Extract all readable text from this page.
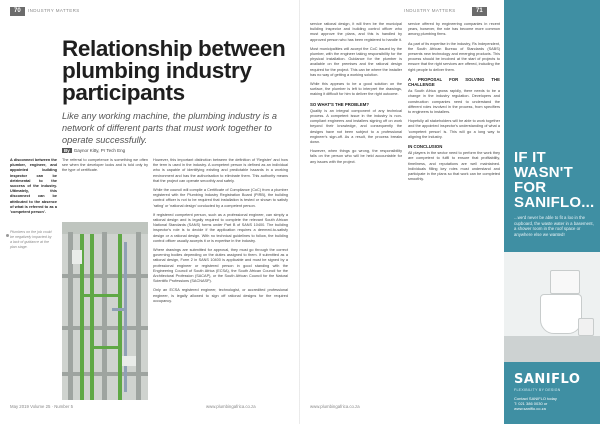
70	INDUSTRY MATTERS
Relationship between plumbing industry participants

Like any working machine, the plumbing industry is a network of different parts that must work together to operate successfully.

By Gaynor Kitty, Pr Tech Eng

A disconnect between the plumber, engineer, and appointed building inspector can be detrimental to the success of the industry. Ultimately, this disconnect can be attributed to the absence of what is referred to as a 'competent person'.

Plumbers on the job could be negatively impacted by a lack of guidance at the plan stage.

The referral to competence is something we often see when the developer looks and is told only by the type of certificate.

However, this important distinction between the definition of 'Register' and how the term is used in the industry. A competent person is defined as an individual who is capable of identifying existing and predictable hazards in a working environment and has the authorisation to eliminate them. This authority means that the project can operate smoothly and safely.

While the council will compile a Certificate of Compliance (CoC) from a plumber registered with the Plumbing Industry Registration Board (PIRB), the building control officer is not to be required that installation is tested or shown to satisfy 'rating' or 'national design' conducted by a competent person.

If registered competent person, such as a professional engineer, can simply a rational design and is legally required to complete the relevant South African National Standards (SANS) forms under Part B of SANS 10400. The building inspector's role is to decide if the application requires a deemed-to-satisfy design or a rational design. With no technical guidelines to follow, the building control officer usually accepts it or is expertise in the industry.

Where drawings are submitted for approval, they must go through the correct governing bodies depending on the duties assigned to them. If submitted as a rational design, Form 2 in SANS 10400 is applicable and must be signed by a professional engineer or registered person in good standing with the Engineering Council of South Africa (ECSA), the South African Council for the Architectural Profession (SACAP), or the South African Council for the Natural Scientific Professions (SACNASP).

Only an ECSA registered engineer, technologist, or accredited professional engineer, is legally allowed to sign off rational designs for the required occupancy.

May 2019 Volume 25 · Number 5	www.plumbingafrica.co.za
INDUSTRY MATTERS	71

service rational design, it will then be the municipal building inspector and building control officer who must approve the plans, and this is handled by approved person who has been registered to handle it.

Most municipalities will accept the CoC issued by the plumber, with the engineer taking responsibility for the physical installation. Guidance for the plumber is available on the premises and the rational design required for the project. This can be where the installer has no way of getting a working solution.

While this appears to be a good solution on the surface, the plumber is left to interpret the drawings, making it difficult for him to deliver the right outcome.

SO WHAT'S THE PROBLEM?

Quality is an integral component of any technical process. A competent issue in the industry is non-compliant engineers and installers signing off on work beyond their knowledge, and consequently the designs have not been subject to a professional engineer's sign-off. As a result, the process breaks down.

However, when things go wrong, the responsibility falls on the person who will be held accountable for any issues with the project.

service offered by engineering companies in recent years, however, the role has become more common among plumbing firms.

As part of its expertise in the industry, Rs Independent, the South African Bureau of Standards (SABS) presents new technology and emerging products. This process should be involved at the start of projects to ensure that the right services are offered, including the right people to deliver them.

A PROPOSAL FOR SOLVING THE CHALLENGE

As South Africa grows rapidly, there needs to be a change in the industry regulation. Developers and construction companies need to understand the different roles involved in the process, from specifiers to engineers to installers.

Hopefully all stakeholders will be able to work together and the appointed inspector's understanding of what a 'competent person' is. This will go a long way to aligning the industry.

IN CONCLUSION

All players in the sector need to perform the work they are competent to fulfil to ensure that profitability, timeliness, and reputations are well maintained. Individuals filling key roles must understand and participate in the plans so that work can be completed smoothly.

www.plumbingafrica.co.za
IF IT WASN'T FOR SANIFLO...

...we'd never be able to fit a loo in the cupboard, the waste water in a basement, a shower room in the roof space or anywhere else we wanted!

SANIFLO
FLEXIBILITY BY DESIGN
Contact SANIFLO today
T: 021 386 0030 or
www.saniflo.co.za
